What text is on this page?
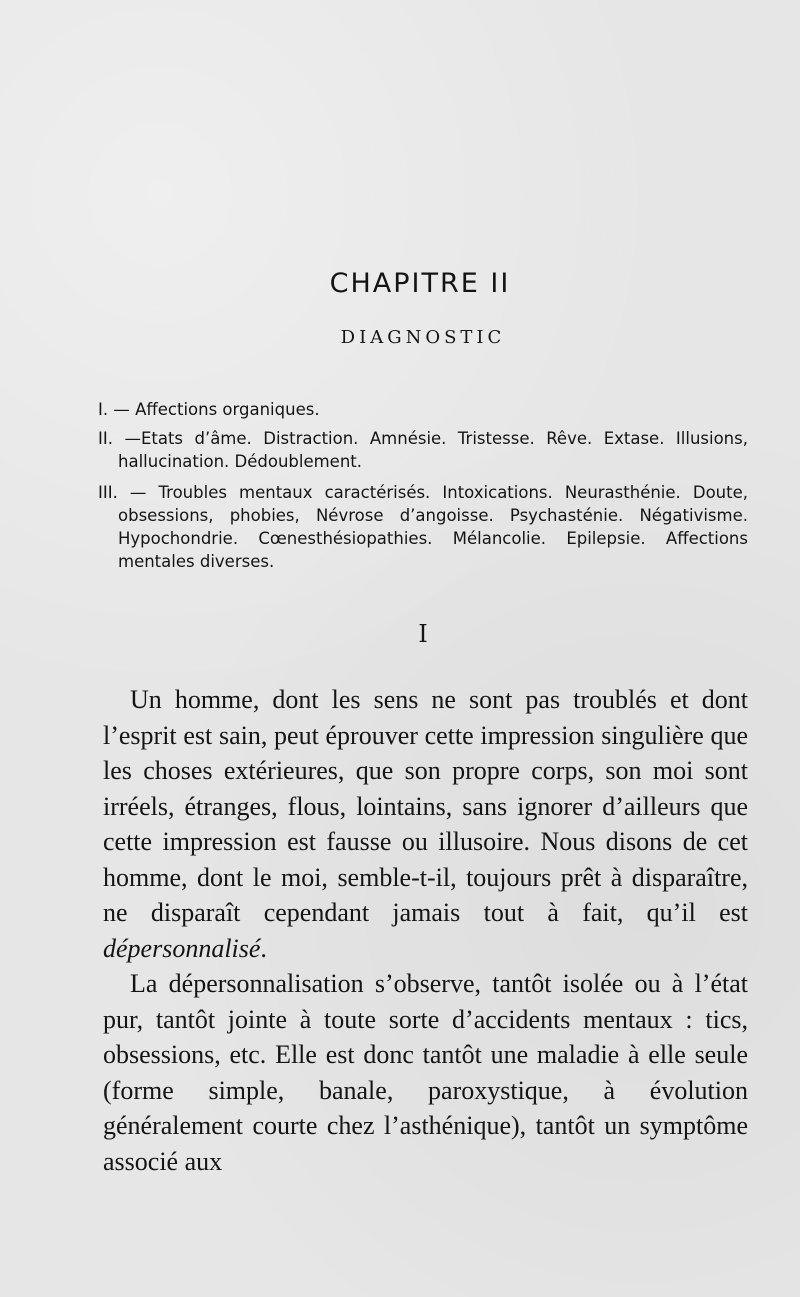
CHAPITRE II
DIAGNOSTIC

I. — Affections organiques.

II. —Etats d’âme. Distraction. Amnésie. Tristesse. Rêve. Extase. Illusions, hallucination. Dédoublement.

III. — Troubles mentaux caractérisés. Intoxications. Neurasthénie. Doute, obsessions, phobies, Névrose d’angoisse. Psychasténie. Négativisme. Hypochondrie. Cœnesthésiopathies. Mélancolie. Epilepsie. Affections mentales diverses.

I

Un homme, dont les sens ne sont pas troublés et dont l’esprit est sain, peut éprouver cette impression singulière que les choses extérieures, que son propre corps, son moi sont irréels, étranges, flous, lointains, sans ignorer d’ailleurs que cette impression est fausse ou illusoire. Nous disons de cet homme, dont le moi, semble-t-il, toujours prêt à disparaître, ne disparaît cependant jamais tout à fait, qu’il est dépersonnalisé.

La dépersonnalisation s’observe, tantôt isolée ou à l’état pur, tantôt jointe à toute sorte d’accidents mentaux : tics, obsessions, etc. Elle est donc tantôt une maladie à elle seule (forme simple, banale, paroxystique, à évolution généralement courte chez l’asthénique), tantôt un symptôme associé aux
